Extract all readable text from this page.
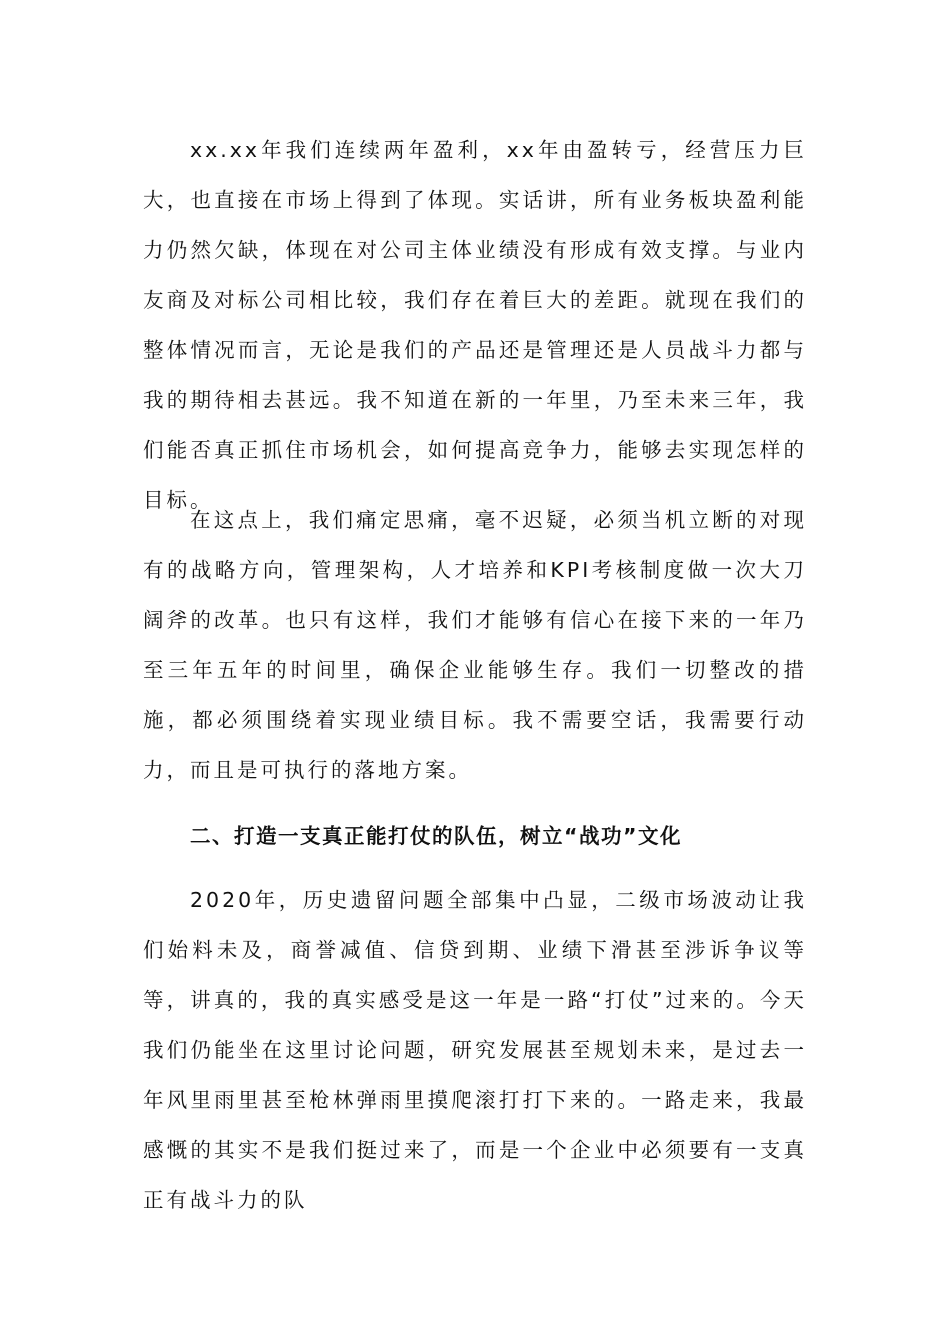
xx.xx年我们连续两年盈利，xx年由盈转亏，经营压力巨大，也直接在市场上得到了体现。实话讲，所有业务板块盈利能力仍然欠缺，体现在对公司主体业绩没有形成有效支撑。与业内友商及对标公司相比较，我们存在着巨大的差距。就现在我们的整体情况而言，无论是我们的产品还是管理还是人员战斗力都与我的期待相去甚远。我不知道在新的一年里，乃至未来三年，我们能否真正抓住市场机会，如何提高竞争力，能够去实现怎样的目标。

在这点上，我们痛定思痛，毫不迟疑，必须当机立断的对现有的战略方向，管理架构，人才培养和KPI考核制度做一次大刀阔斧的改革。也只有这样，我们才能够有信心在接下来的一年乃至三年五年的时间里，确保企业能够生存。我们一切整改的措施，都必须围绕着实现业绩目标。我不需要空话，我需要行动力，而且是可执行的落地方案。

二、打造一支真正能打仗的队伍，树立“战功”文化

2020年，历史遗留问题全部集中凸显，二级市场波动让我们始料未及，商誉减值、信贷到期、业绩下滑甚至涉诉争议等等，讲真的，我的真实感受是这一年是一路“打仗”过来的。今天我们仍能坐在这里讨论问题，研究发展甚至规划未来，是过去一年风里雨里甚至枪林弹雨里摸爬滚打打下来的。一路走来，我最感慨的其实不是我们挺过来了，而是一个企业中必须要有一支真正有战斗力的队
